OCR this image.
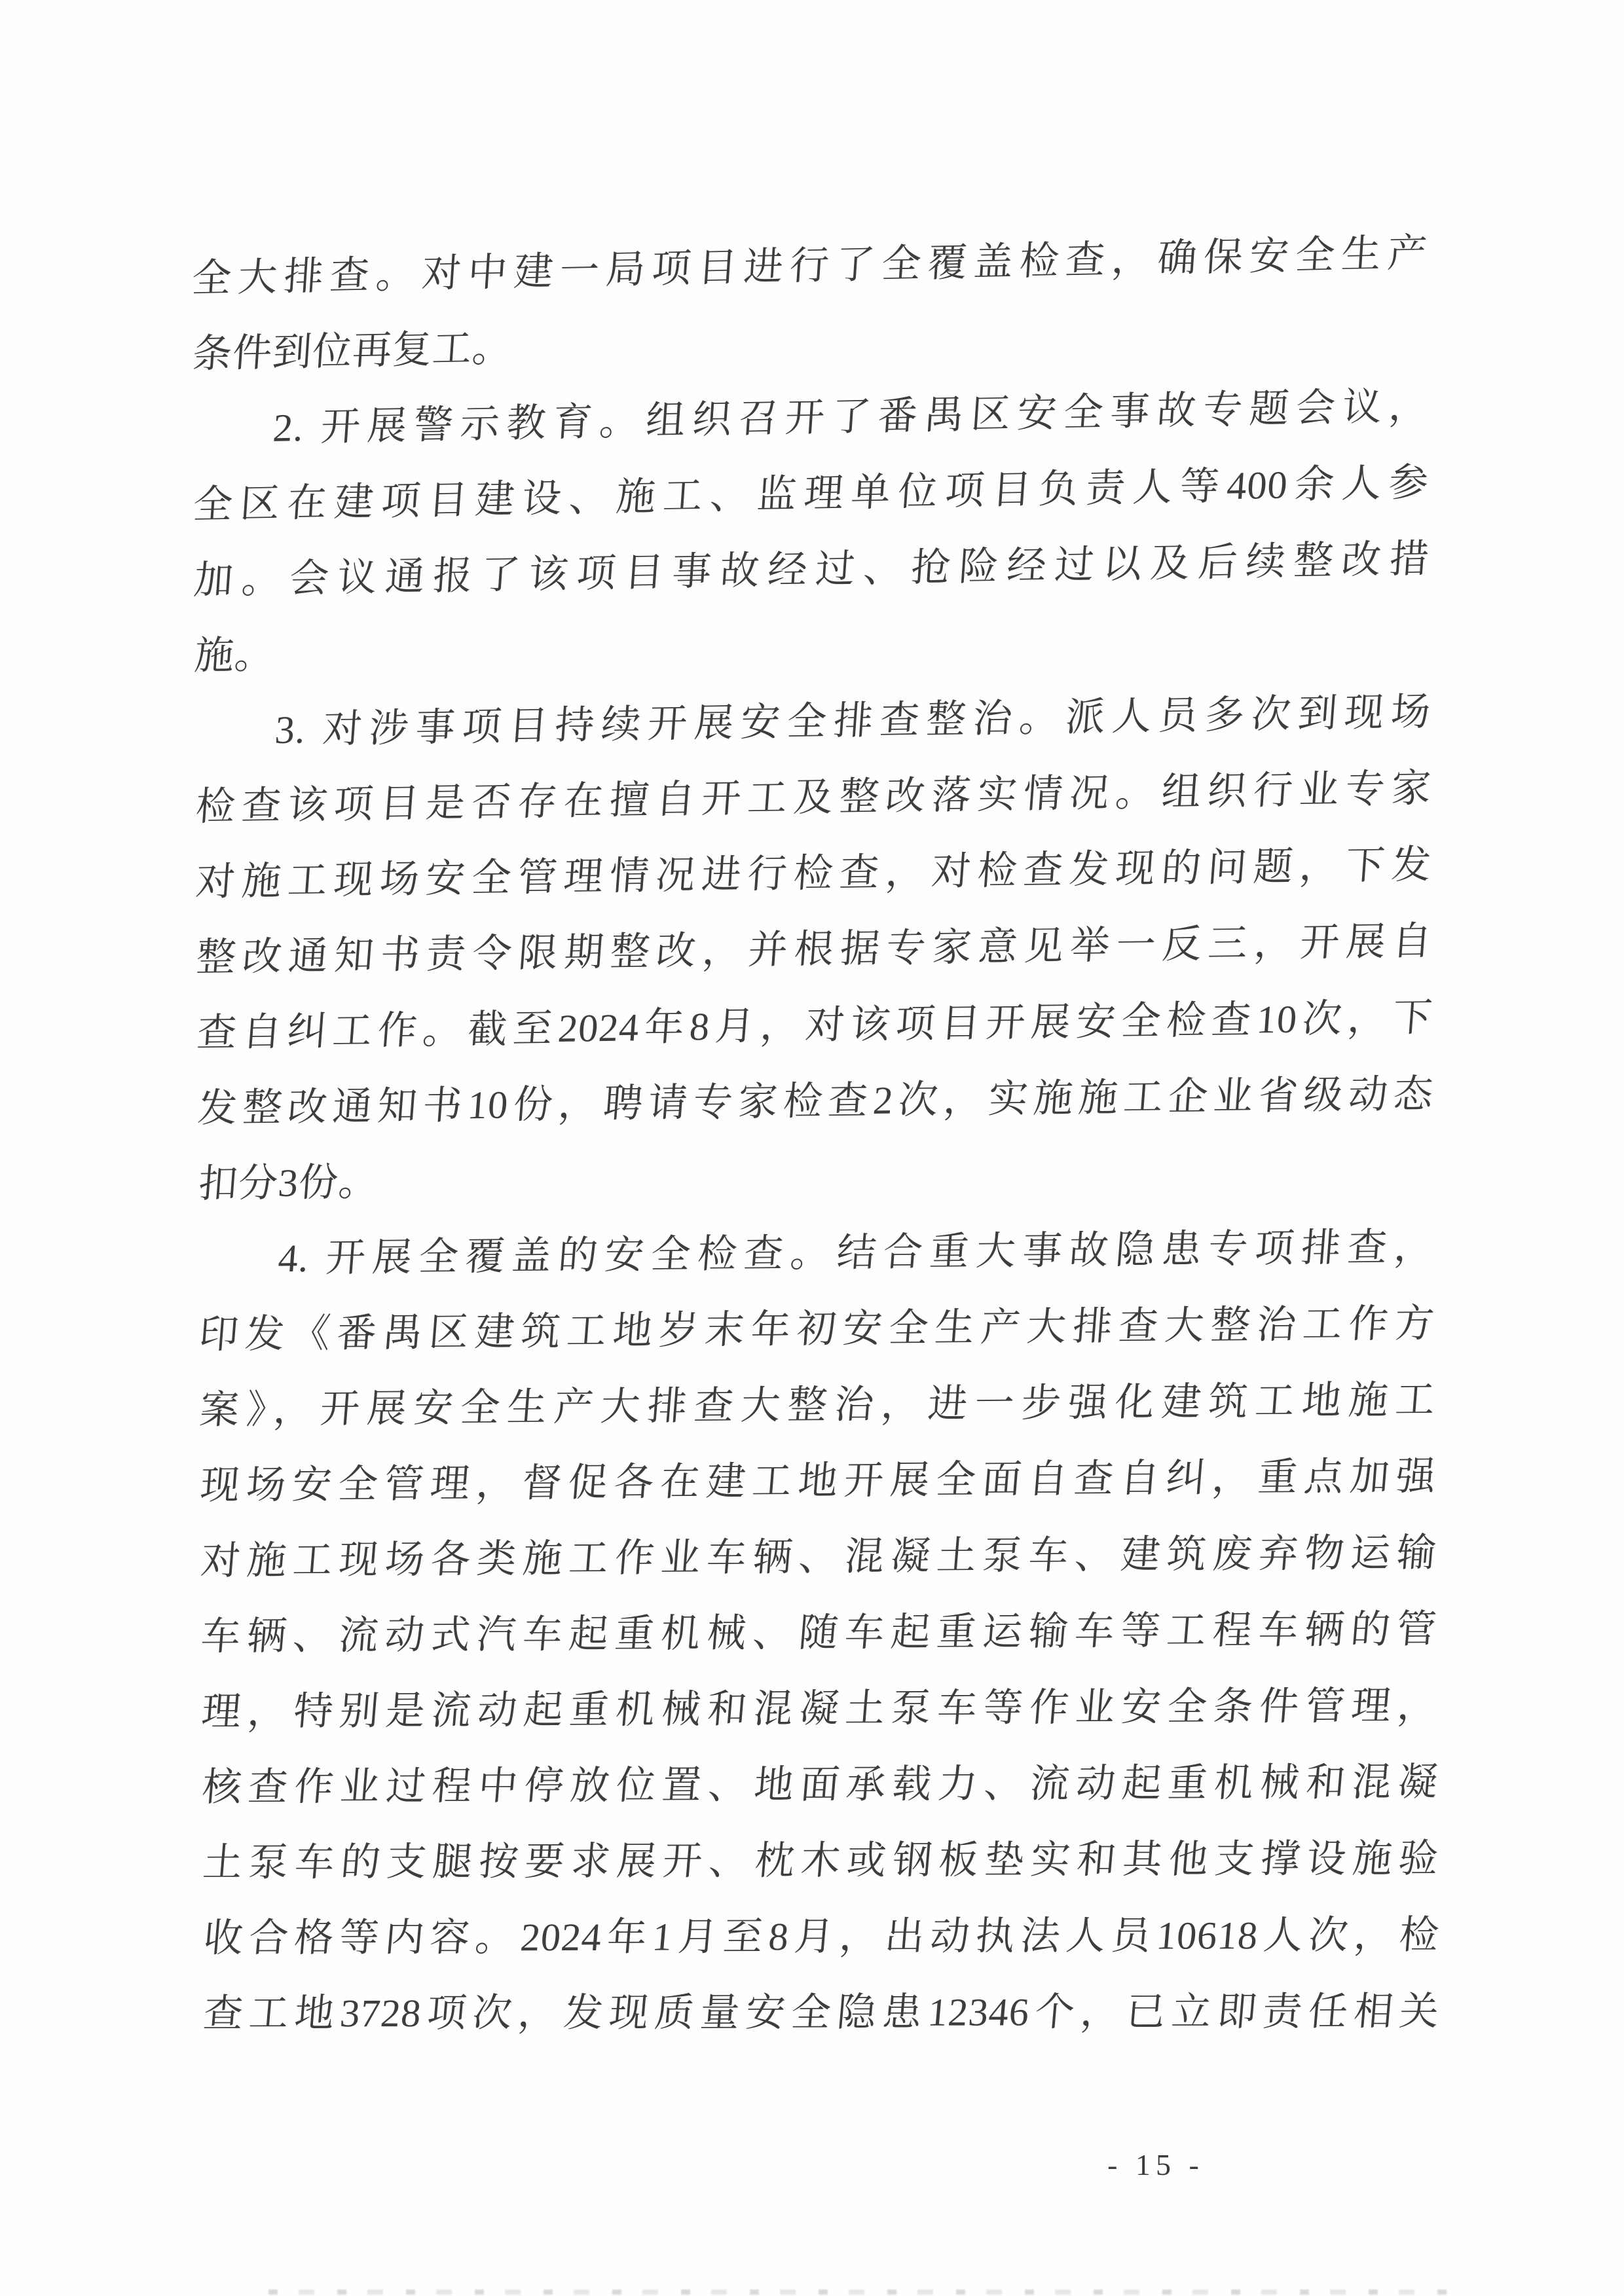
全大排查。对中建一局项目进行了全覆盖检查，确保安全生产
条件到位再复工。
2. 开展警示教育。组织召开了番禺区安全事故专题会议，
全区在建项目建设、施工、监理单位项目负责人等400余人参
加。会议通报了该项目事故经过、抢险经过以及后续整改措
施。
3. 对涉事项目持续开展安全排查整治。派人员多次到现场
检查该项目是否存在擅自开工及整改落实情况。组织行业专家
对施工现场安全管理情况进行检查，对检查发现的问题，下发
整改通知书责令限期整改，并根据专家意见举一反三，开展自
查自纠工作。截至2024年8月，对该项目开展安全检查10次，下
发整改通知书10份，聘请专家检查2次，实施施工企业省级动态
扣分3份。
4. 开展全覆盖的安全检查。结合重大事故隐患专项排查，
印发《番禺区建筑工地岁末年初安全生产大排查大整治工作方
案》，开展安全生产大排查大整治，进一步强化建筑工地施工
现场安全管理，督促各在建工地开展全面自查自纠，重点加强
对施工现场各类施工作业车辆、混凝土泵车、建筑废弃物运输
车辆、流动式汽车起重机械、随车起重运输车等工程车辆的管
理，特别是流动起重机械和混凝土泵车等作业安全条件管理，
核查作业过程中停放位置、地面承载力、流动起重机械和混凝
土泵车的支腿按要求展开、枕木或钢板垫实和其他支撑设施验
收合格等内容。2024年1月至8月，出动执法人员10618人次，检
查工地3728项次，发现质量安全隐患12346个，已立即责任相关
- 15 -
